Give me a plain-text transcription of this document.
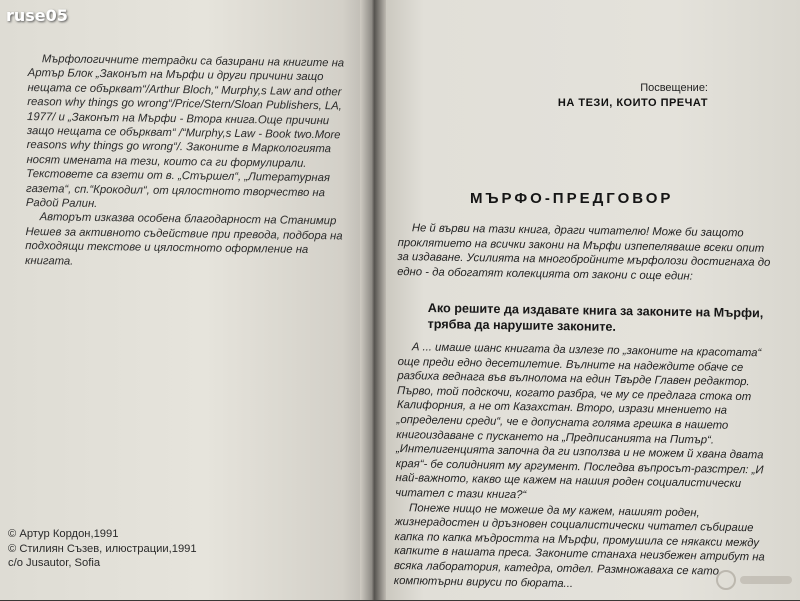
ruse05

Мърфологичните тетрадки са базирани на книгите на Артър Блок „Законът на Мърфи и други причини защо нещата се объркват“/Arthur Bloch,“ Murphy,s Law and other reason why things go wrong“/Price/Stern/Sloan Publishers, LA, 1977/ и „Законът на Мърфи - Втора книга.Още причини защо нещата се объркват“ /“Murphy,s Law - Book two.More reasons why things go wrong“/. Законите в Маркологията носят имената на тези, които са ги формулирали. Текстовете са взети от в. „Стършел“, „Литературная газета“, сп.“Крокодил“, от цялостното творчество на Радой Ралин.

Авторът изказва особена благодарност на Станимир Нешев за активното съдействие при превода, подбора на подходящи текстове и цялостното оформление на книгата.

© Артур Кордон,1991
© Стилиян Съзев, илюстрации,1991
c/o Jusautor, Sofia
Посвещение:
НА ТЕЗИ, КОИТО ПРЕЧАТ
МЪРФО-ПРЕДГОВОР

Не й върви на тази книга, драги читателю! Може би защото проклятието на всички закони на Мърфи изпепеляваше всеки опит за издаване. Усилията на многобройните мърфолози достигнаха до едно - да обогатят колекцията от закони с още един:

Ако решите да издавате книга за законите на Мърфи, трябва да нарушите законите.

А ... имаше шанс книгата да излезе по „законите на красотата“ още преди едно десетилетие. Вълните на надеждите обаче се разбиха веднага във вълнолома на един Твърде Главен редактор. Първо, той подскочи, когато разбра, че му се предлага стока от Калифорния, а не от Казахстан. Второ, изрази мнението на „определени среди“, че е допусната голяма грешка в нашето книгоиздаване с пускането на „Предписанията на Питър“. „Интелигенцията започна да ги използва и не можем й хвана двата края“- бе солидният му аргумент. Последва въпросът-разстрел: „И най-важното, какво ще кажем на нашия роден социалистически читател с тази книга?“

Понеже нищо не можеше да му кажем, нашият роден, жизнерадостен и дръзновен социалистически читател събираше капка по капка мъдростта на Мърфи, промушила се някакси между капките в нашата преса. Законите станаха неизбежен атрибут на всяка лаборатория, катедра, отдел. Размножаваха се като компютърни вируси по бюрата...
